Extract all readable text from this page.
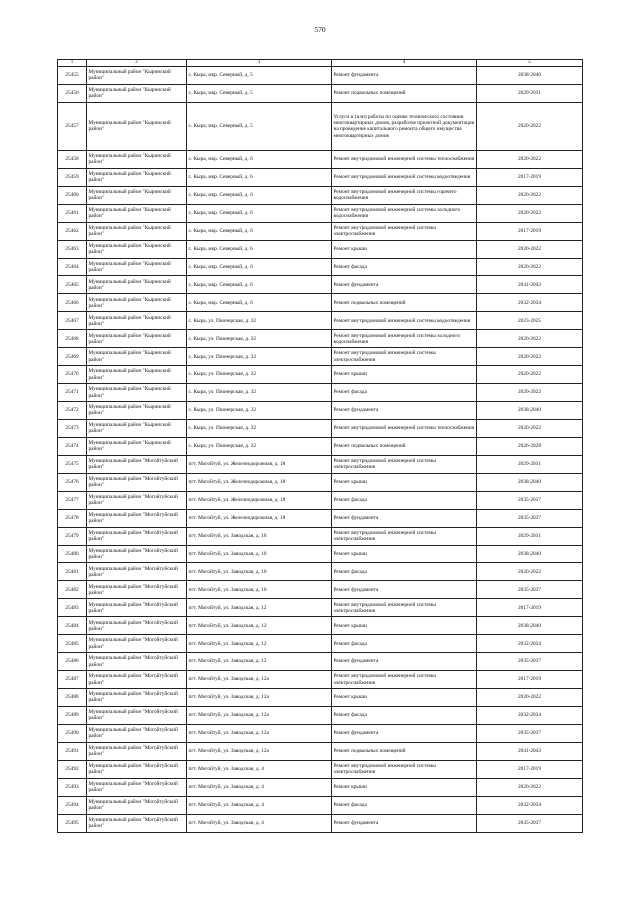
570
1	2	3	4	5
25455	Муниципальный район "Кыринский район"	с. Кыра, мкр. Северный, д. 5	Ремонт фундамента	2038-2040
25456	Муниципальный район "Кыринский район"	с. Кыра, мкр. Северный, д. 5	Ремонт подвальных помещений	2029-2031
25457	Муниципальный район "Кыринский район"	с. Кыра, мкр. Северный, д. 5	Услуги и (или) работы по оценке технического состояния многоквартирных домов, разработке проектной документации на проведение капитального ремонта общего имущества многоквартирных домов	2020-2022
25458	Муниципальный район "Кыринский район"	с. Кыра, мкр. Северный, д. 6	Ремонт внутридомовой инженерной системы теплоснабжения	2020-2022
25459	Муниципальный район "Кыринский район"	с. Кыра, мкр. Северный, д. 6	Ремонт внутридомовой инженерной системы водоотведения	2017-2019
25460	Муниципальный район "Кыринский район"	с. Кыра, мкр. Северный, д. 6	Ремонт внутридомовой инженерной системы горячего водоснабжения	2020-2022
25461	Муниципальный район "Кыринский район"	с. Кыра, мкр. Северный, д. 6	Ремонт внутридомовой инженерной системы холодного водоснабжения	2020-2022
25462	Муниципальный район "Кыринский район"	с. Кыра, мкр. Северный, д. 6	Ремонт внутридомовой инженерной системы электроснабжения	2017-2019
25463	Муниципальный район "Кыринский район"	с. Кыра, мкр. Северный, д. 6	Ремонт крыши	2020-2022
25464	Муниципальный район "Кыринский район"	с. Кыра, мкр. Северный, д. 6	Ремонт фасада	2020-2022
25465	Муниципальный район "Кыринский район"	с. Кыра, мкр. Северный, д. 6	Ремонт фундамента	2041-2043
25466	Муниципальный район "Кыринский район"	с. Кыра, мкр. Северный, д. 6	Ремонт подвальных помещений	2032-2034
25467	Муниципальный район "Кыринский район"	с. Кыра, ул. Пионерская, д. 32	Ремонт внутридомовой инженерной системы водоотведения	2023-2025
25468	Муниципальный район "Кыринский район"	с. Кыра, ул. Пионерская, д. 32	Ремонт внутридомовой инженерной системы холодного водоснабжения	2020-2022
25469	Муниципальный район "Кыринский район"	с. Кыра, ул. Пионерская, д. 32	Ремонт внутридомовой инженерной системы электроснабжения	2020-2022
25470	Муниципальный район "Кыринский район"	с. Кыра, ул. Пионерская, д. 32	Ремонт крыши	2020-2022
25471	Муниципальный район "Кыринский район"	с. Кыра, ул. Пионерская, д. 32	Ремонт фасада	2020-2022
25472	Муниципальный район "Кыринский район"	с. Кыра, ул. Пионерская, д. 32	Ремонт фундамента	2038-2040
25473	Муниципальный район "Кыринский район"	с. Кыра, ул. Пионерская, д. 32	Ремонт внутридомовой инженерной системы теплоснабжения	2020-2022
25474	Муниципальный район "Кыринский район"	с. Кыра, ул. Пионерская, д. 32	Ремонт подвальных помещений	2026-2028
25475	Муниципальный район "Могойтуйский район"	пгт. Могойтуй, ул. Железнодорожная, д. 18	Ремонт внутридомовой инженерной системы электроснабжения	2029-2031
25476	Муниципальный район "Могойтуйский район"	пгт. Могойтуй, ул. Железнодорожная, д. 18	Ремонт крыши	2038-2040
25477	Муниципальный район "Могойтуйский район"	пгт. Могойтуй, ул. Железнодорожная, д. 18	Ремонт фасада	2035-2037
25478	Муниципальный район "Могойтуйский район"	пгт. Могойтуй, ул. Железнодорожная, д. 18	Ремонт фундамента	2035-2037
25479	Муниципальный район "Могойтуйский район"	пгт. Могойтуй, ул. Заводская, д. 10	Ремонт внутридомовой инженерной системы электроснабжения	2029-2031
25480	Муниципальный район "Могойтуйский район"	пгт. Могойтуй, ул. Заводская, д. 10	Ремонт крыши	2038-2040
25481	Муниципальный район "Могойтуйский район"	пгт. Могойтуй, ул. Заводская, д. 10	Ремонт фасада	2020-2022
25482	Муниципальный район "Могойтуйский район"	пгт. Могойтуй, ул. Заводская, д. 10	Ремонт фундамента	2035-2037
25483	Муниципальный район "Могойтуйский район"	пгт. Могойтуй, ул. Заводская, д. 12	Ремонт внутридомовой инженерной системы электроснабжения	2017-2019
25484	Муниципальный район "Могойтуйский район"	пгт. Могойтуй, ул. Заводская, д. 12	Ремонт крыши	2038-2040
25485	Муниципальный район "Могойтуйский район"	пгт. Могойтуй, ул. Заводская, д. 12	Ремонт фасада	2032-2034
25486	Муниципальный район "Могойтуйский район"	пгт. Могойтуй, ул. Заводская, д. 12	Ремонт фундамента	2035-2037
25487	Муниципальный район "Могойтуйский район"	пгт. Могойтуй, ул. Заводская, д. 12а	Ремонт внутридомовой инженерной системы электроснабжения	2017-2019
25488	Муниципальный район "Могойтуйский район"	пгт. Могойтуй, ул. Заводская, д. 12а	Ремонт крыши	2020-2022
25489	Муниципальный район "Могойтуйский район"	пгт. Могойтуй, ул. Заводская, д. 12а	Ремонт фасада	2032-2034
25490	Муниципальный район "Могойтуйский район"	пгт. Могойтуй, ул. Заводская, д. 12а	Ремонт фундамента	2035-2037
25491	Муниципальный район "Могойтуйский район"	пгт. Могойтуй, ул. Заводская, д. 12а	Ремонт подвальных помещений	2041-2043
25492	Муниципальный район "Могойтуйский район"	пгт. Могойтуй, ул. Заводская, д. 4	Ремонт внутридомовой инженерной системы электроснабжения	2017-2019
25493	Муниципальный район "Могойтуйский район"	пгт. Могойтуй, ул. Заводская, д. 4	Ремонт крыши	2020-2022
25494	Муниципальный район "Могойтуйский район"	пгт. Могойтуй, ул. Заводская, д. 4	Ремонт фасада	2032-2034
25495	Муниципальный район "Могойтуйский район"	пгт. Могойтуй, ул. Заводская, д. 4	Ремонт фундамента	2035-2037
